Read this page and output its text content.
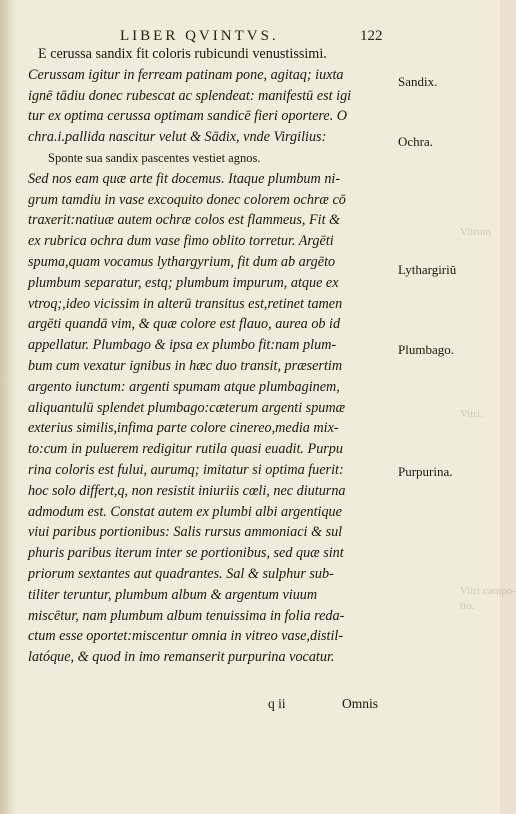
LIBER QVINTVS.	122
E cerussa sandix fit coloris rubicundi venustissimi.
Cerussam igitur in ferream patinam pone, agitaq; iuxta
ignē tādiu donec rubescat ac splendeat: manifestū est igi
tur ex optima cerussa optimam sandicē fieri oportere. O
chra.i.pallida nascitur velut & Sādix, vnde Virgilius:
Sponte sua sandix pascentes vestiet agnos.
Sed nos eam quæ arte fit docemus. Itaque plumbum ni-
grum tamdiu in vase excoquito donec colorem ochræ cō
traxerit:natiuæ autem ochræ colos est flammeus, Fit &
ex rubrica ochra dum vase fimo oblito torretur. Argēti
spuma,quam vocamus lythargyrium, fit dum ab argēto
plumbum separatur, estq; plumbum impurum, atque ex
vtroq;,ideo vicissim in alterū transitus est,retinet tamen
argēti quandā vim, & quæ colore est flauo, aurea ob id
appellatur. Plumbago & ipsa ex plumbo fit:nam plum-
bum cum vexatur ignibus in hæc duo transit, præsertim
argento iunctum: argenti spumam atque plumbaginem,
aliquantulū splendet plumbago:cæterum argenti spumæ
exterius similis,infima parte colore cinereo,media mix-
to:cum in puluerem redigitur rutila quasi euadit. Purpu
rina coloris est fului, aurumq; imitatur si optima fuerit:
hoc solo differt,q, non resistit iniuriis cœli, nec diuturna
admodum est. Constat autem ex plumbi albi argentique
viui paribus portionibus: Salis rursus ammoniaci & sul
phuris paribus iterum inter se portionibus, sed quæ sint
priorum sextantes aut quadrantes. Sal & sulphur sub-
tiliter teruntur, plumbum album & argentum viuum
miscētur, nam plumbum album tenuissima in folia reda-
ctum esse oportet:miscentur omnia in vitreo vase,distil-
latóque, & quod in imo remanserit purpurina vocatur.
Sandix.
Ochra.
Lythargiriū
Plumbago.
Purpurina.
Vitrum
Vitri.
Vitri campo-
tio.
q ii	Omnis
